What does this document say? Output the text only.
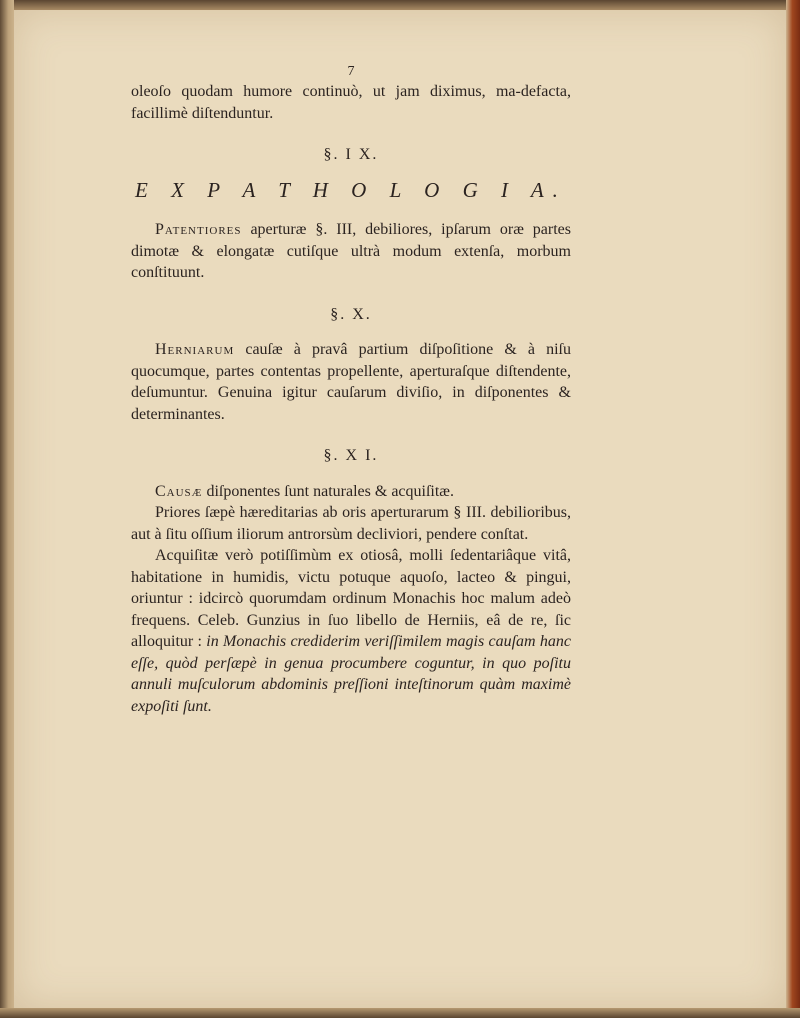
7

oleoſo quodam humore continuò, ut jam diximus, ma-defacta, facillimè diſtenduntur.

§. I X.
E X P A T H O L O G I A.

Patentiores aperturæ §. III, debiliores, ipſarum oræ partes dimotæ & elongatæ cutiſque ultrà modum extenſa, morbum conſtituunt.

§. X.

Herniarum cauſæ à pravâ partium diſpoſitione & à niſu quocumque, partes contentas propellente, aperturaſque diſtendente, deſumuntur. Genuina igitur cauſarum diviſio, in diſponentes & determinantes.

§. X I.

Causæ diſponentes ſunt naturales & acquiſitæ.

Priores ſæpè hæreditarias ab oris aperturarum § III. debilioribus, aut à ſitu oſſium iliorum antrorsùm decliviori, pendere conſtat.

Acquiſitæ verò potiſſimùm ex otiosâ, molli ſedentariâque vitâ, habitatione in humidis, victu potuque aquoſo, lacteo & pingui, oriuntur : idcircò quorumdam ordinum Monachis hoc malum adeò frequens. Celeb. Gunzius in ſuo libello de Herniis, eâ de re, ſic alloquitur : in Monachis crediderim veriſſimilem magis cauſam hanc eſſe, quòd perſæpè in genua procumbere coguntur, in quo poſitu annuli muſculorum abdominis preſſioni inteſtinorum quàm maximè expoſiti ſunt.
